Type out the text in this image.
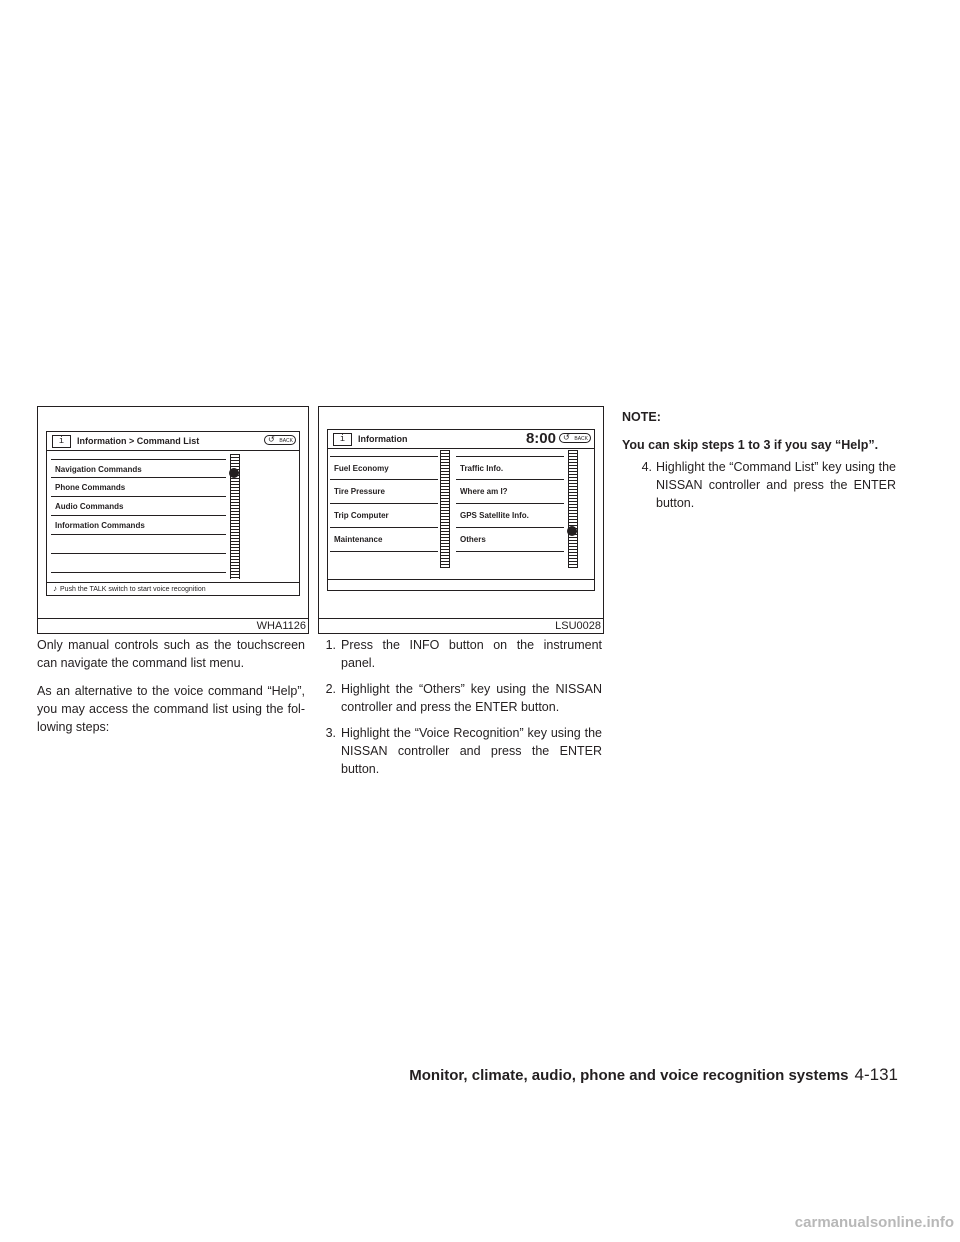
i	Information > Command List	↺ BACK
Navigation Commands
Phone Commands
Audio Commands
Information Commands
♪ Push the TALK switch to start voice recognition
WHA1126
i	Information	8:00 ↺ BACK
Fuel Economy
Tire Pressure
Trip Computer
Maintenance
Traffic Info.
Where am I?
GPS Satellite Info.
Others
LSU0028

Only manual controls such as the touchscreen can navigate the command list menu.

As an alternative to the voice command “Help”, you may access the command list using the fol-lowing steps:

1. Press the INFO button on the instrument panel.
2. Highlight the “Others” key using the NISSAN controller and press the ENTER button.
3. Highlight the “Voice Recognition” key using the NISSAN controller and press the ENTER button.

NOTE:

You can skip steps 1 to 3 if you say “Help”.

4. Highlight the “Command List” key using the NISSAN controller and press the ENTER button.
Monitor, climate, audio, phone and voice recognition systems 4-131
carmanualsonline.info
